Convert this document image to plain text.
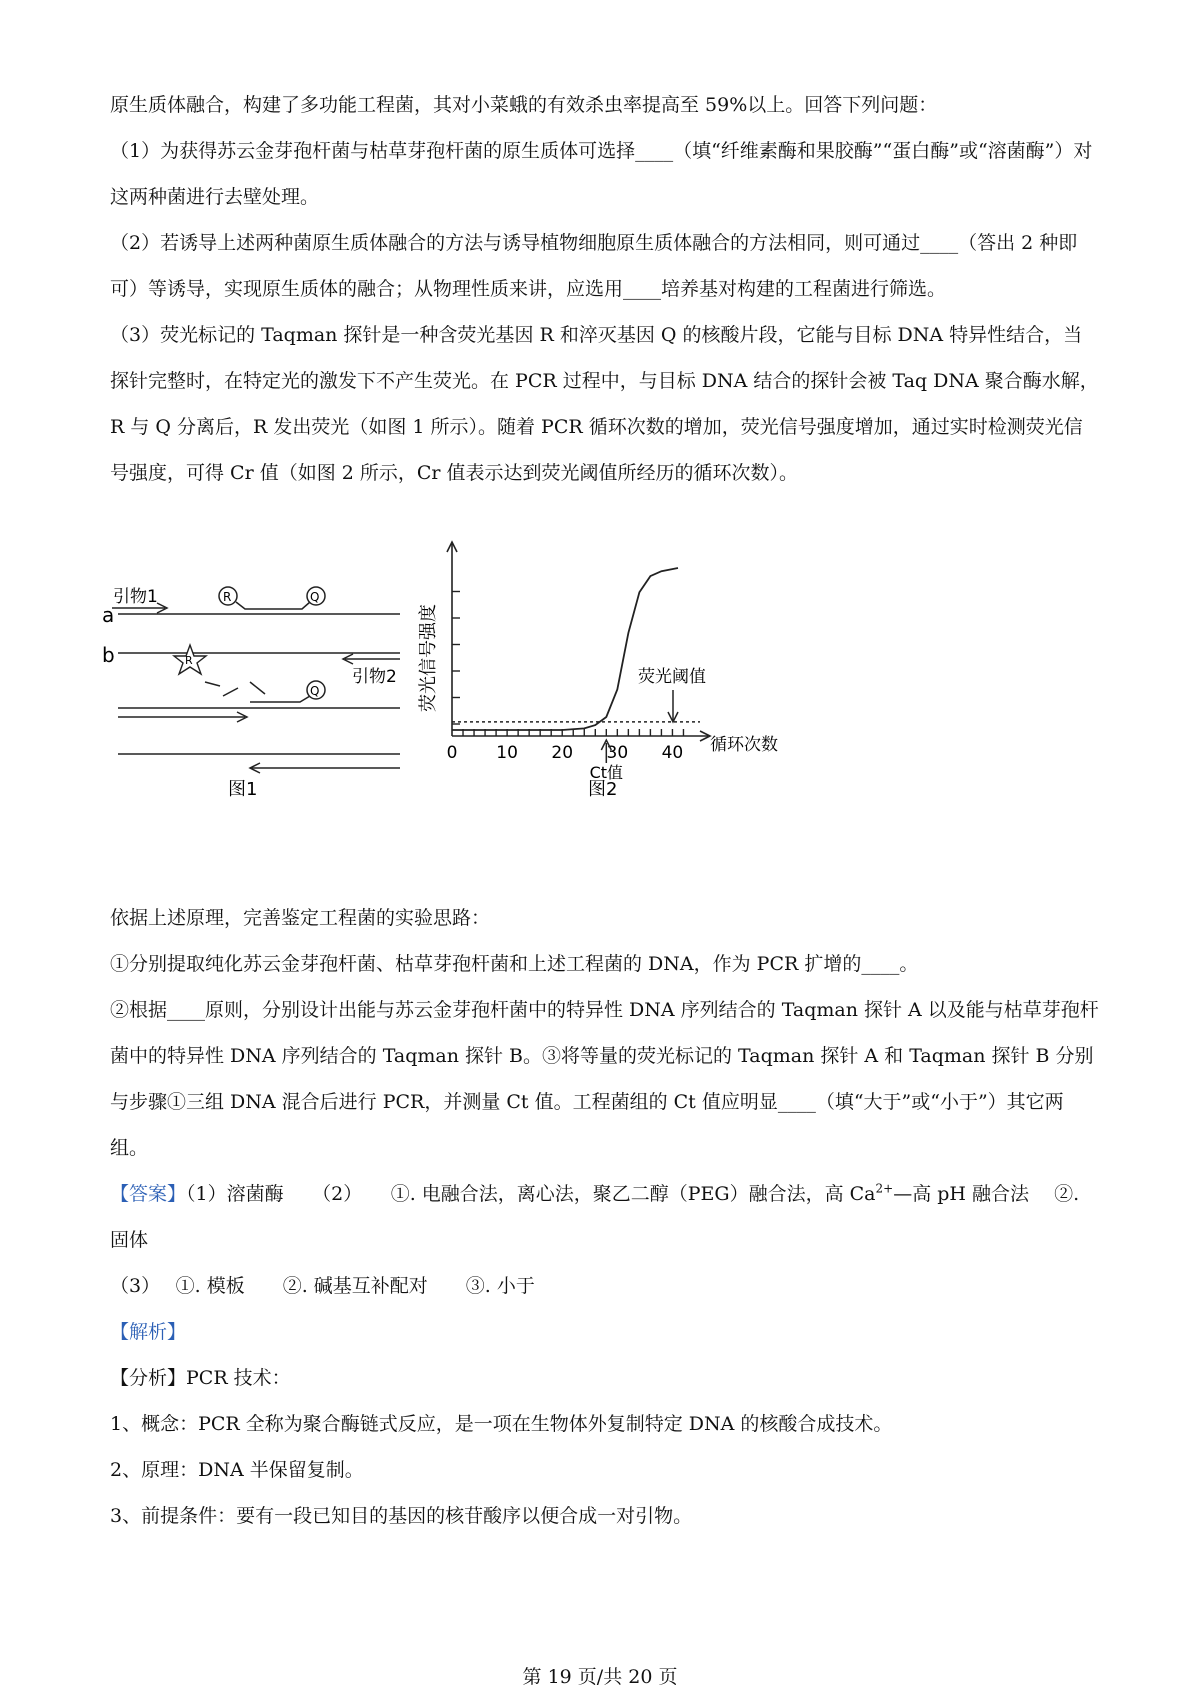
原生质体融合，构建了多功能工程菌，其对小菜蛾的有效杀虫率提高至 59%以上。回答下列问题：

（1）为获得苏云金芽孢杆菌与枯草芽孢杆菌的原生质体可选择____（填“纤维素酶和果胶酶”“蛋白酶”或“溶菌酶”）对这两种菌进行去壁处理。

（2）若诱导上述两种菌原生质体融合的方法与诱导植物细胞原生质体融合的方法相同，则可通过____（答出 2 种即可）等诱导，实现原生质体的融合；从物理性质来讲，应选用____培养基对构建的工程菌进行筛选。

（3）荧光标记的 Taqman 探针是一种含荧光基因 R 和淬灭基因 Q 的核酸片段，它能与目标 DNA 特异性结合，当探针完整时，在特定光的激发下不产生荧光。在 PCR 过程中，与目标 DNA 结合的探针会被 Taq DNA 聚合酶水解，R 与 Q 分离后，R 发出荧光（如图 1 所示）。随着 PCR 循环次数的增加，荧光信号强度增加，通过实时检测荧光信号强度，可得 Cr 值（如图 2 所示，Cr 值表示达到荧光阈值所经历的循环次数）。

a
b
引物1	R	Q
引物2
R
Q
图1
0 10 20 30 40
荧光信号强度
循环次数
荧光阈值
Ct值
图2

依据上述原理，完善鉴定工程菌的实验思路：

①分别提取纯化苏云金芽孢杆菌、枯草芽孢杆菌和上述工程菌的 DNA，作为 PCR 扩增的____。

②根据____原则，分别设计出能与苏云金芽孢杆菌中的特异性 DNA 序列结合的 Taqman 探针 A 以及能与枯草芽孢杆菌中的特异性 DNA 序列结合的 Taqman 探针 B。③将等量的荧光标记的 Taqman 探针 A 和 Taqman 探针 B 分别与步骤①三组 DNA 混合后进行 PCR，并测量 Ct 值。工程菌组的 Ct 值应明显____（填“大于”或“小于”）其它两组。

【答案】（1）溶菌酶　　（2）　　①. 电融合法，离心法，聚乙二醇（PEG）融合法，高 $Ca^{2+}—$高 pH 融合法　 ②. 固体

（3）　 ①. 模板　　②. 碱基互补配对　　③. 小于

【解析】

【分析】PCR 技术：

1、概念：PCR 全称为聚合酶链式反应，是一项在生物体外复制特定 DNA 的核酸合成技术。

2、原理：DNA 半保留复制。

3、前提条件：要有一段已知目的基因的核苷酸序以便合成一对引物。

第 19 页/共 20 页
